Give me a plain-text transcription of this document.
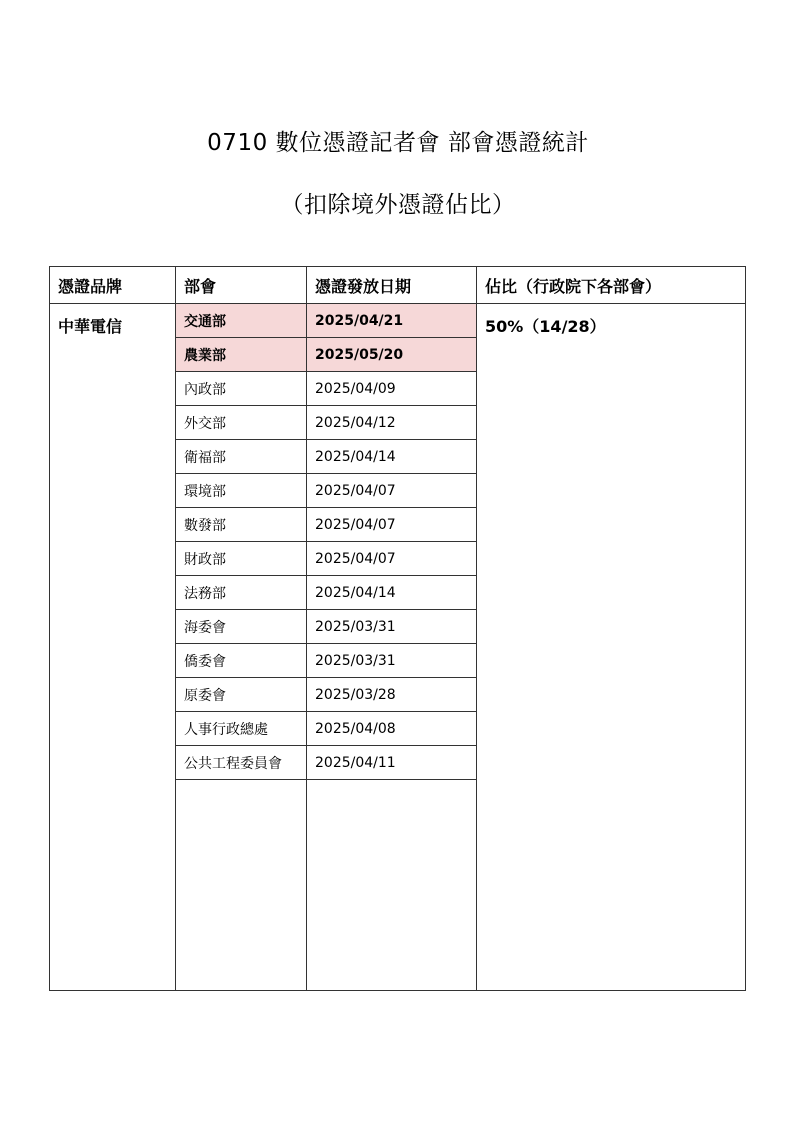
0710 數位憑證記者會 部會憑證統計
（扣除境外憑證佔比）
憑證品牌	部會	憑證發放日期	佔比（行政院下各部會）
中華電信	交通部	2025/04/21	50%（14/28）
	農業部	2025/05/20	
	內政部	2025/04/09	
	外交部	2025/04/12	
	衛福部	2025/04/14	
	環境部	2025/04/07	
	數發部	2025/04/07	
	財政部	2025/04/07	
	法務部	2025/04/14	
	海委會	2025/03/31	
	僑委會	2025/03/31	
	原委會	2025/03/28	
	人事行政總處	2025/04/08	
	公共工程委員會	2025/04/11	
